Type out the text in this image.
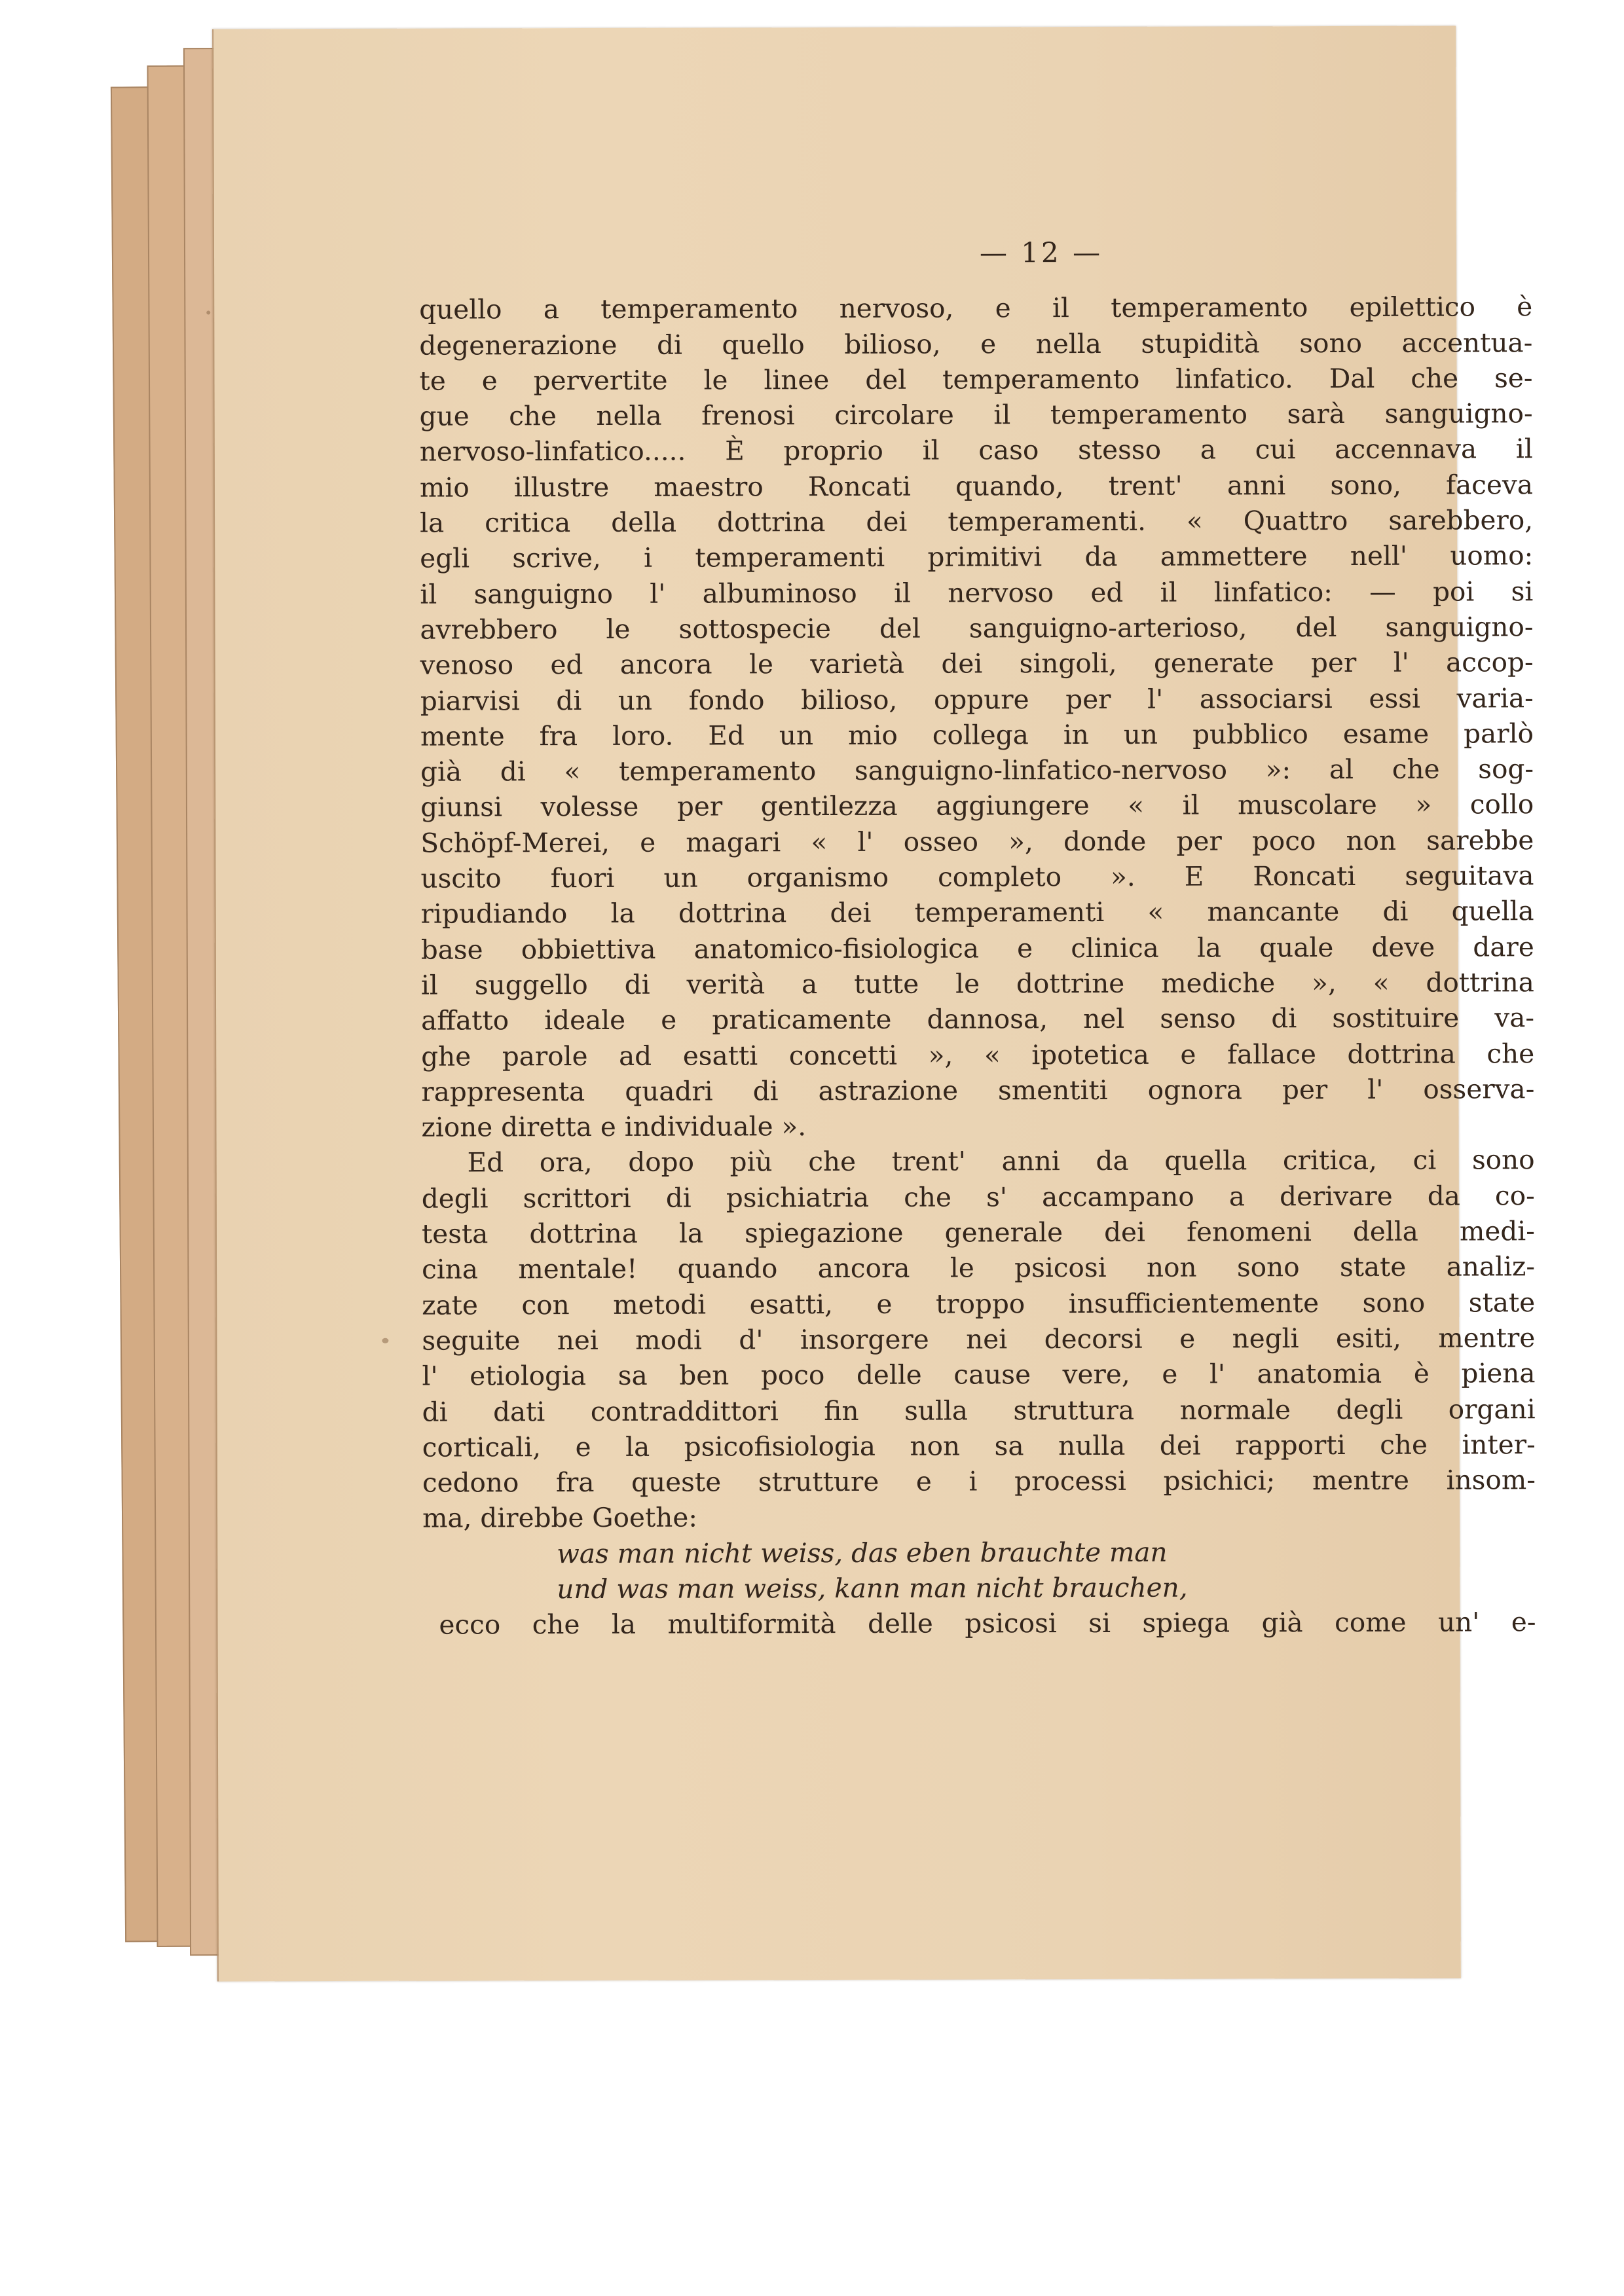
— 12 —
quello a temperamento nervoso, e il temperamento epilettico è
degenerazione di quello bilioso, e nella stupidità sono accentua-
te e pervertite le linee del temperamento linfatico. Dal che se-
gue che nella frenosi circolare il temperamento sarà sanguigno-
nervoso-linfatico..... È proprio il caso stesso a cui accennava il
mio illustre maestro Roncati quando, trent' anni sono, faceva
la critica della dottrina dei temperamenti. « Quattro sarebbero,
egli scrive, i temperamenti primitivi da ammettere nell' uomo:
il sanguigno l' albuminoso il nervoso ed il linfatico: — poi si
avrebbero le sottospecie del sanguigno-arterioso, del sanguigno-
venoso ed ancora le varietà dei singoli, generate per l' accop-
piarvisi di un fondo bilioso, oppure per l' associarsi essi varia-
mente fra loro. Ed un mio collega in un pubblico esame parlò
già di « temperamento sanguigno-linfatico-nervoso »: al che sog-
giunsi volesse per gentilezza aggiungere « il muscolare » collo
Schöpf-Merei, e magari « l' osseo », donde per poco non sarebbe
uscito fuori un organismo completo ». E Roncati seguitava
ripudiando la dottrina dei temperamenti « mancante di quella
base obbiettiva anatomico-fisiologica e clinica la quale deve dare
il suggello di verità a tutte le dottrine mediche », « dottrina
affatto ideale e praticamente dannosa, nel senso di sostituire va-
ghe parole ad esatti concetti », « ipotetica e fallace dottrina che
rappresenta quadri di astrazione smentiti ognora per l' osserva-
zione diretta e individuale ».
Ed ora, dopo più che trent' anni da quella critica, ci sono
degli scrittori di psichiatria che s' accampano a derivare da co-
testa dottrina la spiegazione generale dei fenomeni della medi-
cina mentale! quando ancora le psicosi non sono state analiz-
zate con metodi esatti, e troppo insufficientemente sono state
seguite nei modi d' insorgere nei decorsi e negli esiti, mentre
l' etiologia sa ben poco delle cause vere, e l' anatomia è piena
di dati contraddittori fin sulla struttura normale degli organi
corticali, e la psicofisiologia non sa nulla dei rapporti che inter-
cedono fra queste strutture e i processi psichici; mentre insom-
ma, direbbe Goethe:
was man nicht weiss, das eben brauchte man
und was man weiss, kann man nicht brauchen,
ecco che la multiformità delle psicosi si spiega già come un' e-
